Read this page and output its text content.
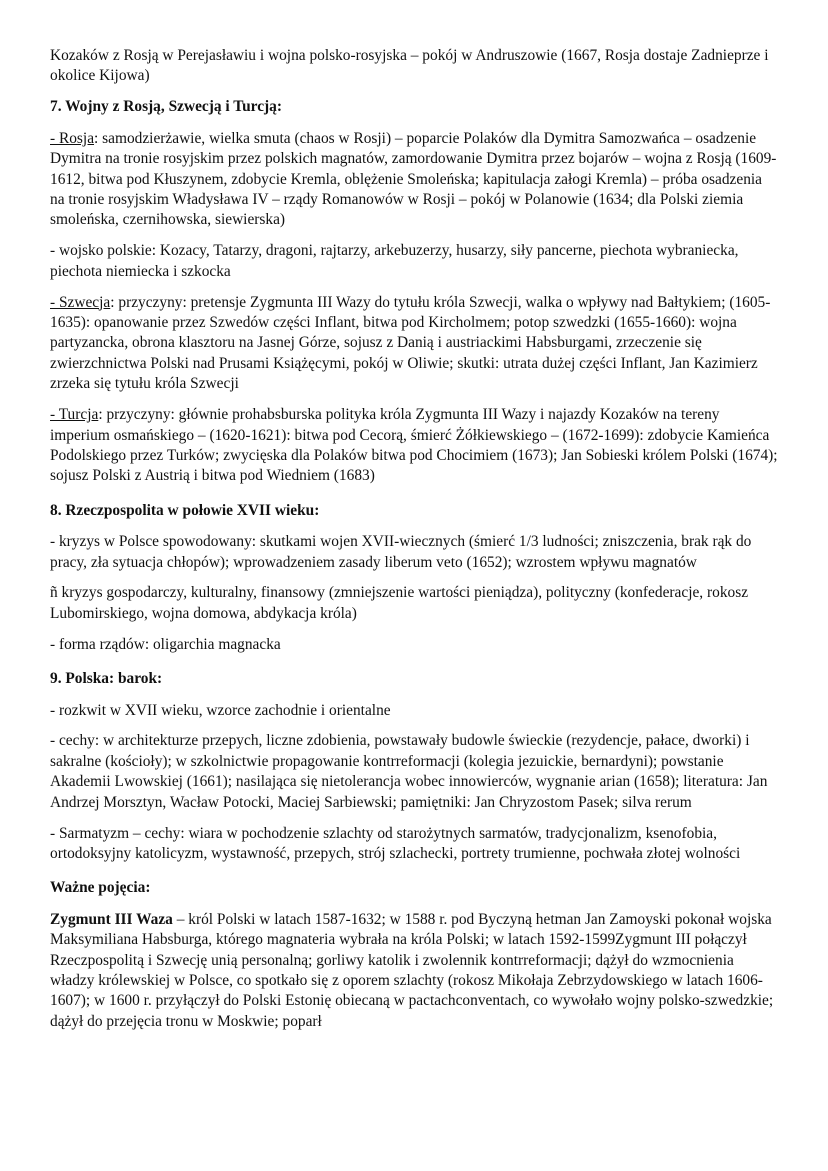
Kozaków z Rosją w Perejasławiu i wojna polsko-rosyjska – pokój w Andruszowie (1667, Rosja dostaje Zadnieprze i okolice Kijowa)

7. Wojny z Rosją, Szwecją i Turcją:

- Rosja: samodzierżawie, wielka smuta (chaos w Rosji) – poparcie Polaków dla Dymitra Samozwańca – osadzenie Dymitra na tronie rosyjskim przez polskich magnatów, zamordowanie Dymitra przez bojarów – wojna z Rosją (1609-1612, bitwa pod Kłuszynem, zdobycie Kremla, oblężenie Smoleńska; kapitulacja załogi Kremla) – próba osadzenia na tronie rosyjskim Władysława IV – rządy Romanowów w Rosji – pokój w Polanowie (1634; dla Polski ziemia smoleńska, czernihowska, siewierska)

- wojsko polskie: Kozacy, Tatarzy, dragoni, rajtarzy, arkebuzerzy, husarzy, siły pancerne, piechota wybraniecka, piechota niemiecka i szkocka

- Szwecja: przyczyny: pretensje Zygmunta III Wazy do tytułu króla Szwecji, walka o wpływy nad Bałtykiem; (1605-1635): opanowanie przez Szwedów części Inflant, bitwa pod Kircholmem; potop szwedzki (1655-1660): wojna partyzancka, obrona klasztoru na Jasnej Górze, sojusz z Danią i austriackimi Habsburgami, zrzeczenie się zwierzchnictwa Polski nad Prusami Książęcymi, pokój w Oliwie; skutki: utrata dużej części Inflant, Jan Kazimierz zrzeka się tytułu króla Szwecji

- Turcja: przyczyny: głównie prohabsburska polityka króla Zygmunta III Wazy i najazdy Kozaków na tereny imperium osmańskiego – (1620-1621): bitwa pod Cecorą, śmierć Żółkiewskiego – (1672-1699): zdobycie Kamieńca Podolskiego przez Turków; zwycięska dla Polaków bitwa pod Chocimiem (1673); Jan Sobieski królem Polski (1674); sojusz Polski z Austrią i bitwa pod Wiedniem (1683)

8. Rzeczpospolita w połowie XVII wieku:

- kryzys w Polsce spowodowany: skutkami wojen XVII-wiecznych (śmierć 1/3 ludności; zniszczenia, brak rąk do pracy, zła sytuacja chłopów); wprowadzeniem zasady liberum veto (1652); wzrostem wpływu magnatów

ñ kryzys gospodarczy, kulturalny, finansowy (zmniejszenie wartości pieniądza), polityczny (konfederacje, rokosz Lubomirskiego, wojna domowa, abdykacja króla)

- forma rządów: oligarchia magnacka

9. Polska: barok:

- rozkwit w XVII wieku, wzorce zachodnie i orientalne

- cechy: w architekturze przepych, liczne zdobienia, powstawały budowle świeckie (rezydencje, pałace, dworki) i sakralne (kościoły); w szkolnictwie propagowanie kontrreformacji (kolegia jezuickie, bernardyni); powstanie Akademii Lwowskiej (1661); nasilająca się nietolerancja wobec innowierców, wygnanie arian (1658); literatura: Jan Andrzej Morsztyn, Wacław Potocki, Maciej Sarbiewski; pamiętniki: Jan Chryzostom Pasek; silva rerum

- Sarmatyzm – cechy: wiara w pochodzenie szlachty od starożytnych sarmatów, tradycjonalizm, ksenofobia, ortodoksyjny katolicyzm, wystawność, przepych, strój szlachecki, portrety trumienne, pochwała złotej wolności

Ważne pojęcia:

Zygmunt III Waza – król Polski w latach 1587-1632; w 1588 r. pod Byczyną hetman Jan Zamoyski pokonał wojska Maksymiliana Habsburga, którego magnateria wybrała na króla Polski; w latach 1592-1599Zygmunt III połączył Rzeczpospolitą i Szwecję unią personalną; gorliwy katolik i zwolennik kontrreformacji; dążył do wzmocnienia władzy królewskiej w Polsce, co spotkało się z oporem szlachty (rokosz Mikołaja Zebrzydowskiego w latach 1606-1607); w 1600 r. przyłączył do Polski Estonię obiecaną w pactachconventach, co wywołało wojny polsko-szwedzkie; dążył do przejęcia tronu w Moskwie; poparł
